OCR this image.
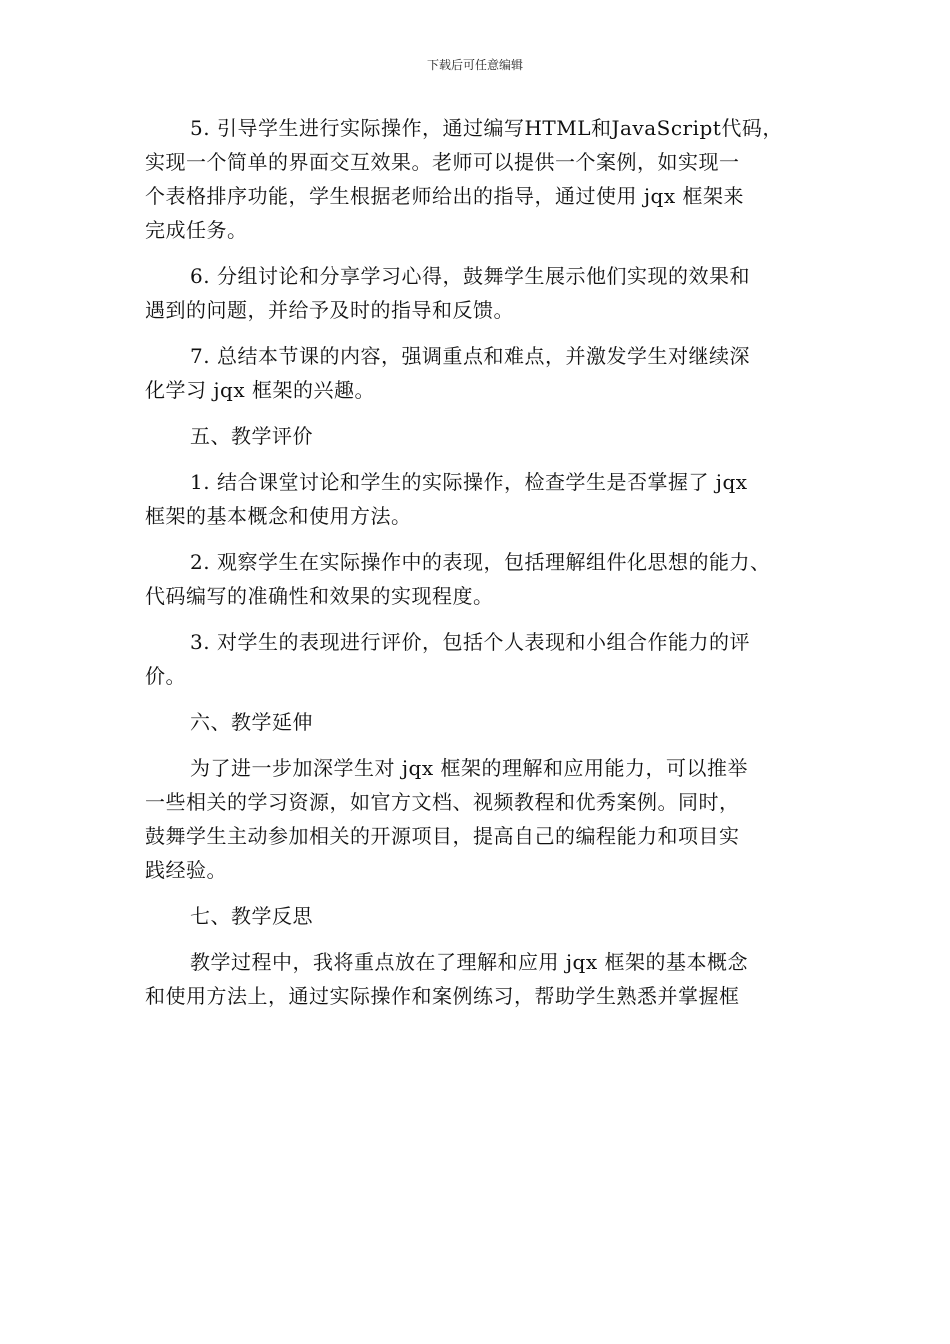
下载后可任意编辑
5. 引导学生进行实际操作，通过编写HTML和JavaScript代码，
实现一个简单的界面交互效果。老师可以提供一个案例，如实现一
个表格排序功能，学生根据老师给出的指导，通过使用 jqx 框架来
完成任务。
6. 分组讨论和分享学习心得，鼓舞学生展示他们实现的效果和
遇到的问题，并给予及时的指导和反馈。
7. 总结本节课的内容，强调重点和难点，并激发学生对继续深
化学习 jqx 框架的兴趣。
五、教学评价
1. 结合课堂讨论和学生的实际操作，检查学生是否掌握了 jqx
框架的基本概念和使用方法。
2. 观察学生在实际操作中的表现，包括理解组件化思想的能力、
代码编写的准确性和效果的实现程度。
3. 对学生的表现进行评价，包括个人表现和小组合作能力的评
价。
六、教学延伸
为了进一步加深学生对 jqx 框架的理解和应用能力，可以推举
一些相关的学习资源，如官方文档、视频教程和优秀案例。同时，
鼓舞学生主动参加相关的开源项目，提高自己的编程能力和项目实
践经验。
七、教学反思
教学过程中，我将重点放在了理解和应用 jqx 框架的基本概念
和使用方法上，通过实际操作和案例练习，帮助学生熟悉并掌握框
